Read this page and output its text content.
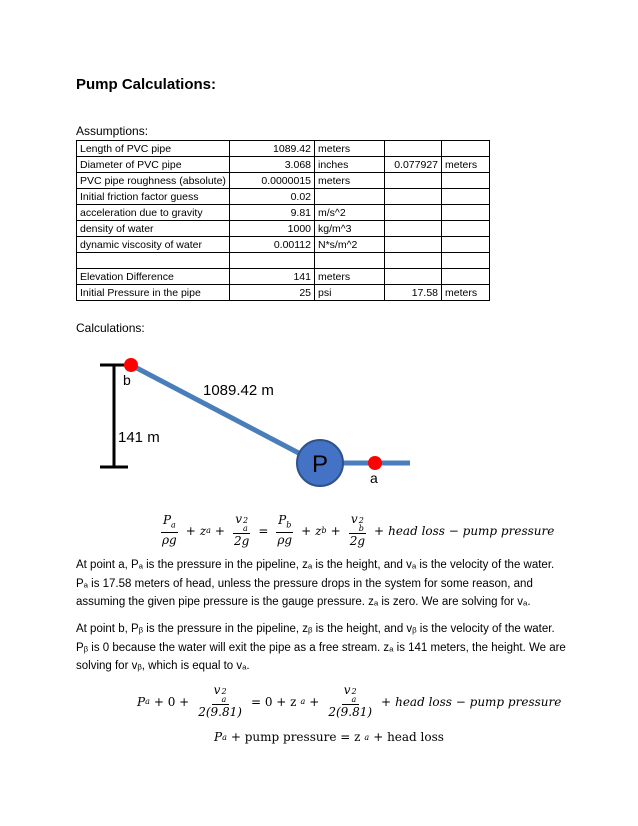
Pump Calculations:
Assumptions:
Length of PVC pipe	1089.42	meters		
Diameter of PVC pipe	3.068	inches	0.077927	meters
PVC pipe roughness (absolute)	0.0000015	meters		
Initial friction factor guess	0.02			
acceleration due to gravity	9.81	m/s^2		
density of water	1000	kg/m^3		
dynamic viscosity of water	0.00112	N*s/m^2		

Elevation Difference	141	meters		
Initial Pressure in the pipe	25	psi	17.58	meters
Calculations:
141 m
P
b
a
1089.42 m
$\frac{P_a}{\rho g} + z$ a + v 2
a
$2g = \frac{P_b}{\rho g} + z$ b + v 2
b
2g + head loss − pump pressure

At point a, Pₐ is the pressure in the pipeline, zₐ is the height, and vₐ is the velocity of the water.

Pₐ is 17.58 meters of head, unless the pressure drops in the system for some reason, and

assuming the given pipe pressure is the gauge pressure. zₐ is zero. We are solving for vₐ.

At point b, Pᵦ is the pressure in the pipeline, zᵦ is the height, and vᵦ is the velocity of the water.

Pᵦ is 0 because the water will exit the pipe as a free stream. zₐ is 141 meters, the height. We are

solving for vᵦ, which is equal to vₐ.

P a + 0 + v 2
a
2(9.81) = 0 + z a + v 2
a
2(9.81) + head loss − pump pressure
P a + pump pressure = z a + head loss
